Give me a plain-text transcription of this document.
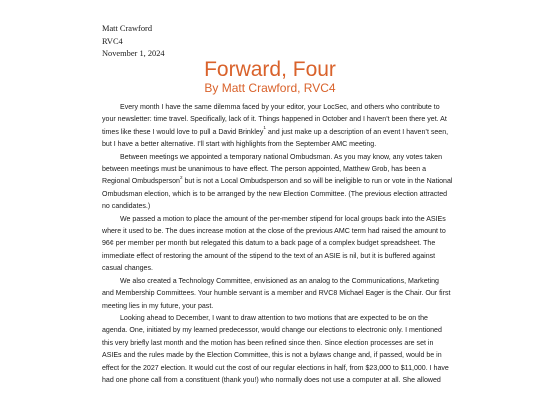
Matt Crawford
RVC4
November 1, 2024
Forward, Four
By Matt Crawford, RVC4
Every month I have the same dilemma faced by your editor, your LocSec, and others who contribute to
your newsletter: time travel. Specifically, lack of it. Things happened in October and I haven’t been there yet. At
times like these I would love to pull a David Brinkley$^1$ and just make up a description of an event I haven’t seen,
but I have a better alternative. I’ll start with highlights from the September AMC meeting.
Between meetings we appointed a temporary national Ombudsman. As you may know, any votes taken
between meetings must be unanimous to have effect. The person appointed, Matthew Grob, has been a
Regional Ombudsperson$^2$ but is not a Local Ombudsperson and so will be ineligible to run or vote in the National
Ombudsman election, which is to be arranged by the new Election Committee. (The previous election attracted
no candidates.)
We passed a motion to place the amount of the per-member stipend for local groups back into the ASIEs
where it used to be. The dues increase motion at the close of the previous AMC term had raised the amount to
96¢ per member per month but relegated this datum to a back page of a complex budget spreadsheet. The
immediate effect of restoring the amount of the stipend to the text of an ASIE is nil, but it is buffered against
casual changes.
We also created a Technology Committee, envisioned as an analog to the Communications, Marketing
and Membership Committees. Your humble servant is a member and RVC8 Michael Eager is the Chair. Our first
meeting lies in my future, your past.
Looking ahead to December, I want to draw attention to two motions that are expected to be on the
agenda. One, initiated by my learned predecessor, would change our elections to electronic only. I mentioned
this very briefly last month and the motion has been refined since then. Since election processes are set in
ASIEs and the rules made by the Election Committee, this is not a bylaws change and, if passed, would be in
effect for the 2027 election. It would cut the cost of our regular elections in half, from $23,000 to $11,000. I have
had one phone call from a constituent (thank you!) who normally does not use a computer at all. She allowed
